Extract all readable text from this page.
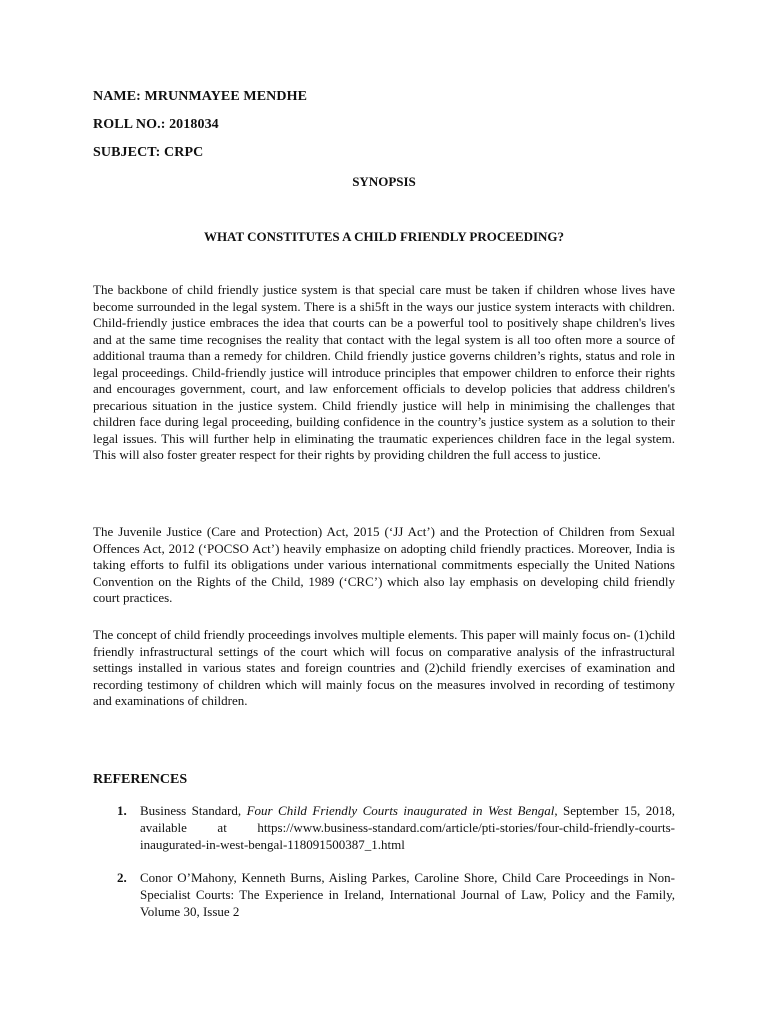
NAME: MRUNMAYEE MENDHE
ROLL NO.: 2018034
SUBJECT: CRPC
SYNOPSIS
WHAT CONSTITUTES A CHILD FRIENDLY PROCEEDING?

The backbone of child friendly justice system is that special care must be taken if children whose lives have become surrounded in the legal system. There is a shi5ft in the ways our justice system interacts with children. Child-friendly justice embraces the idea that courts can be a powerful tool to positively shape children's lives and at the same time recognises the reality that contact with the legal system is all too often more a source of additional trauma than a remedy for children. Child friendly justice governs children’s rights, status and role in legal proceedings. Child-friendly justice will introduce principles that empower children to enforce their rights and encourages government, court, and law enforcement officials to develop policies that address children's precarious situation in the justice system. Child friendly justice will help in minimising the challenges that children face during legal proceeding, building confidence in the country’s justice system as a solution to their legal issues. This will further help in eliminating the traumatic experiences children face in the legal system. This will also foster greater respect for their rights by providing children the full access to justice.

The Juvenile Justice (Care and Protection) Act, 2015 (‘JJ Act’) and the Protection of Children from Sexual Offences Act, 2012 (‘POCSO Act’) heavily emphasize on adopting child friendly practices. Moreover, India is taking efforts to fulfil its obligations under various international commitments especially the United Nations Convention on the Rights of the Child, 1989 (‘CRC’) which also lay emphasis on developing child friendly court practices.

The concept of child friendly proceedings involves multiple elements. This paper will mainly focus on- (1)child friendly infrastructural settings of the court which will focus on comparative analysis of the infrastructural settings installed in various states and foreign countries and (2)child friendly exercises of examination and recording testimony of children which will mainly focus on the measures involved in recording of testimony and examinations of children.

REFERENCES
1. Business Standard, Four Child Friendly Courts inaugurated in West Bengal, September 15, 2018, available at https://www.business-standard.com/article/pti-stories/four-child-friendly-courts-inaugurated-in-west-bengal-118091500387_1.html
2. Conor O’Mahony, Kenneth Burns, Aisling Parkes, Caroline Shore, Child Care Proceedings in Non-Specialist Courts: The Experience in Ireland, International Journal of Law, Policy and the Family, Volume 30, Issue 2
